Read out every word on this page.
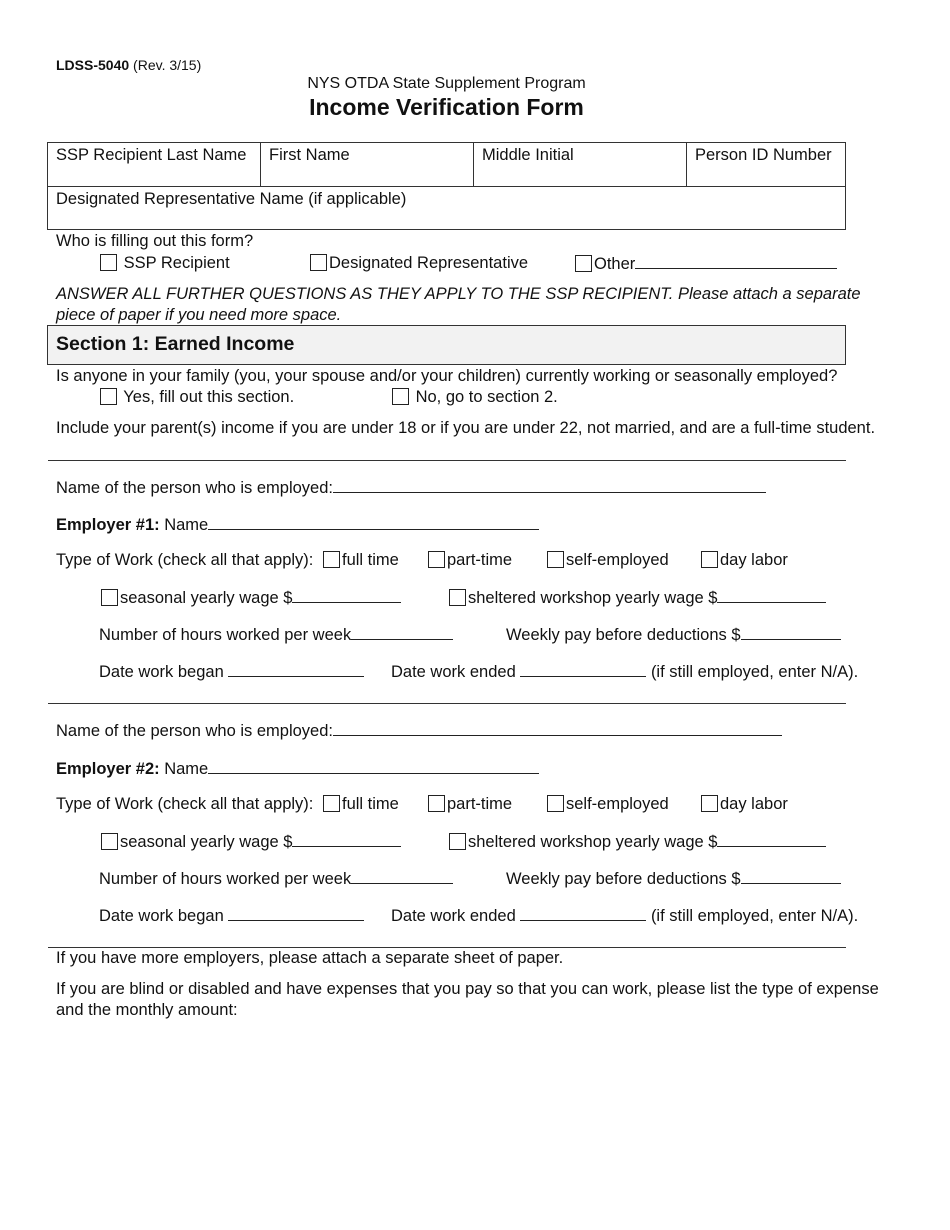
LDSS-5040 (Rev. 3/15)
NYS OTDA State Supplement Program
Income Verification Form
SSP Recipient Last Name	First Name	Middle Initial	Person ID Number
Designated Representative Name (if applicable)
Who is filling out this form?
SSP Recipient	Designated Representative	Other
ANSWER ALL FURTHER QUESTIONS AS THEY APPLY TO THE SSP RECIPIENT. Please attach a separate
piece of paper if you need more space.
Section 1: Earned Income
Is anyone in your family (you, your spouse and/or your children) currently working or seasonally employed?
Yes, fill out this section.	No, go to section 2.
Include your parent(s) income if you are under 18 or if you are under 22, not married, and are a full-time student.
Name of the person who is employed:
Employer #1: Name
Type of Work (check all that apply):	full time	part-time	self-employed	day labor
seasonal yearly wage $	sheltered workshop yearly wage $
Number of hours worked per week	Weekly pay before deductions $
Date work began	Date work ended	(if still employed, enter N/A).
Name of the person who is employed:
Employer #2: Name
Type of Work (check all that apply):	full time	part-time	self-employed	day labor
seasonal yearly wage $	sheltered workshop yearly wage $
Number of hours worked per week	Weekly pay before deductions $
Date work began	Date work ended	(if still employed, enter N/A).
If you have more employers, please attach a separate sheet of paper.
If you are blind or disabled and have expenses that you pay so that you can work, please list the type of expense
and the monthly amount:
